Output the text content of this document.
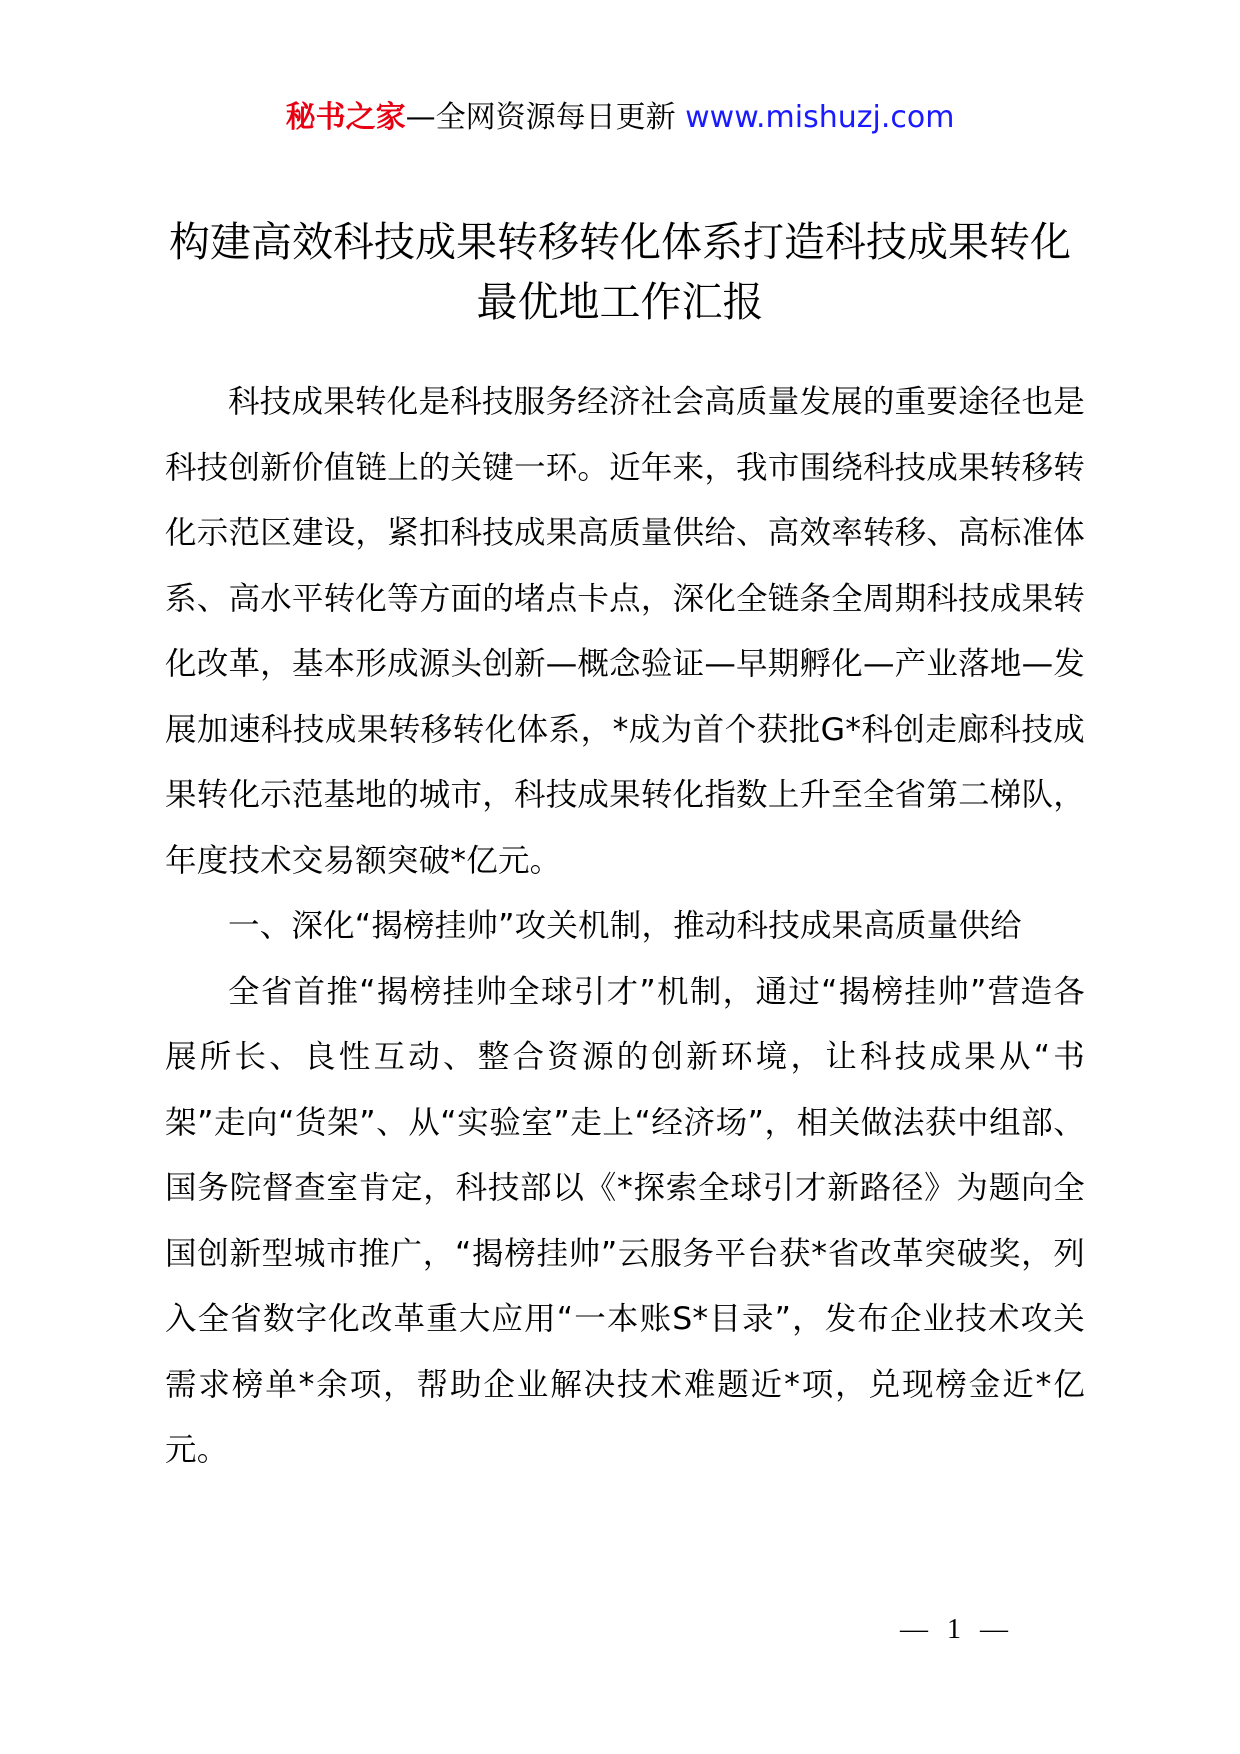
秘书之家—全网资源每日更新 www.mishuzj.com
构建高效科技成果转移转化体系打造科技成果转化最优地工作汇报

科技成果转化是科技服务经济社会高质量发展的重要途径也是科技创新价值链上的关键一环。近年来，我市围绕科技成果转移转化示范区建设，紧扣科技成果高质量供给、高效率转移、高标准体系、高水平转化等方面的堵点卡点，深化全链条全周期科技成果转化改革，基本形成源头创新—概念验证—早期孵化—产业落地—发展加速科技成果转移转化体系，*成为首个获批G*科创走廊科技成果转化示范基地的城市，科技成果转化指数上升至全省第二梯队，年度技术交易额突破*亿元。

一、深化“揭榜挂帅”攻关机制，推动科技成果高质量供给

全省首推“揭榜挂帅全球引才”机制，通过“揭榜挂帅”营造各展所长、良性互动、整合资源的创新环境，让科技成果从“书架”走向“货架”、从“实验室”走上“经济场”，相关做法获中组部、国务院督查室肯定，科技部以《*探索全球引才新路径》为题向全国创新型城市推广，“揭榜挂帅”云服务平台获*省改革突破奖，列入全省数字化改革重大应用“一本账S*目录”，发布企业技术攻关需求榜单*余项，帮助企业解决技术难题近*项，兑现榜金近*亿元。

— 1 —
